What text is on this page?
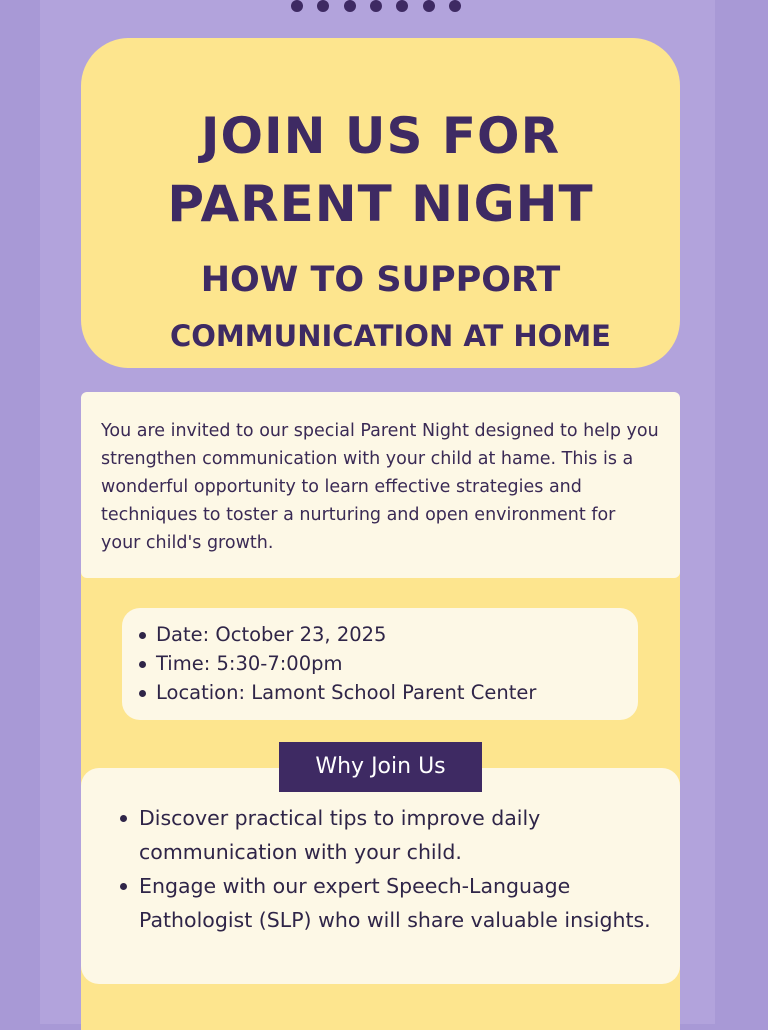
JOIN US FOR
PARENT NIGHT
HOW TO SUPPORT
COMMUNICATION AT HOME

You are invited to our special Parent Night designed to help you strengthen communication with your child at hame. This is a wonderful opportunity to learn effective strategies and techniques to toster a nurturing and open environment for your child's growth.

Date: October 23, 2025
Time: 5:30-7:00pm
Location: Lamont School Parent Center
Discover practical tips to improve daily communication with your child.
Engage with our expert Speech-Language Pathologist (SLP) who will share valuable insights.
Why Join Us
